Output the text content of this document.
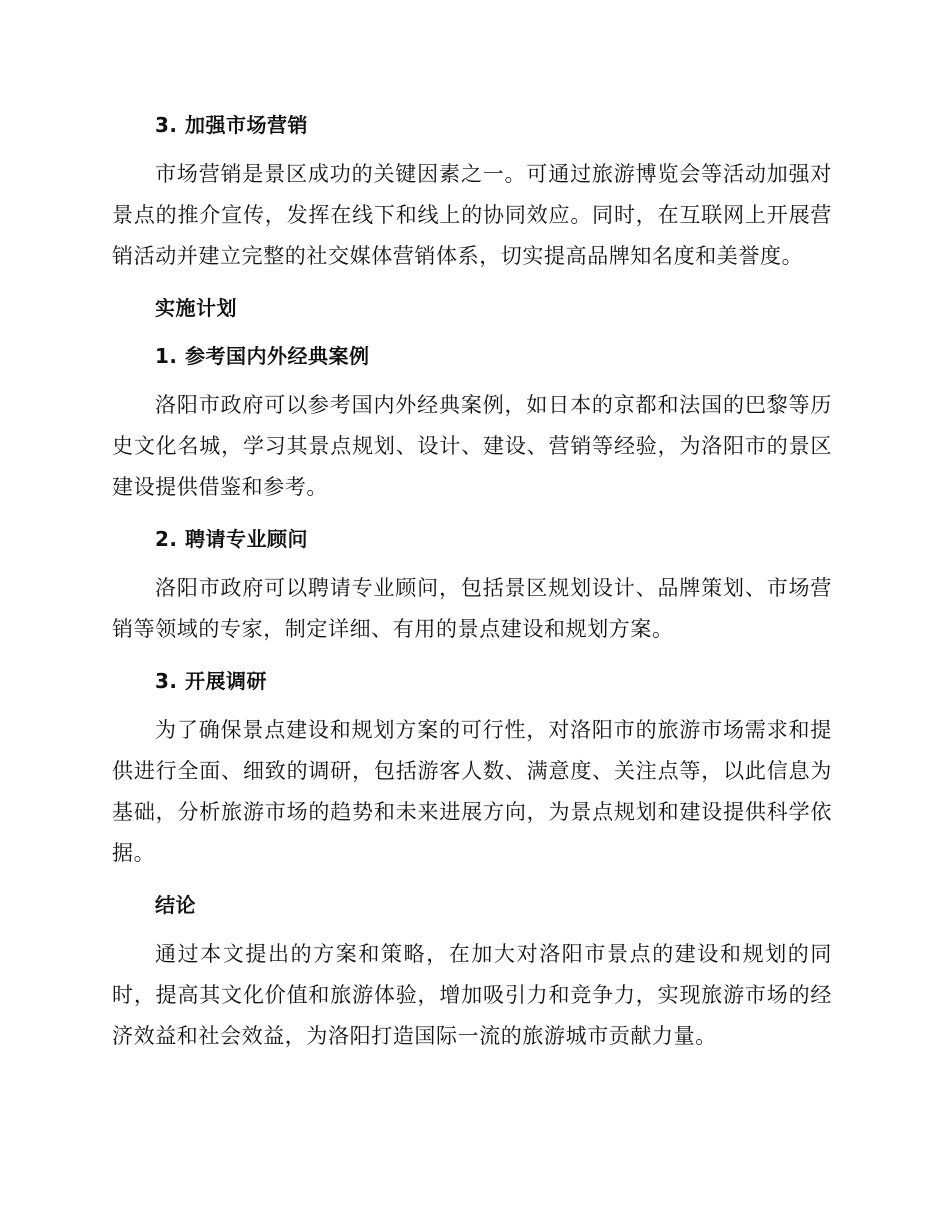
3. 加强市场营销
市场营销是景区成功的关键因素之一。可通过旅游博览会等活动加强对景点的推介宣传，发挥在线下和线上的协同效应。同时，在互联网上开展营销活动并建立完整的社交媒体营销体系，切实提高品牌知名度和美誉度。
实施计划
1. 参考国内外经典案例
洛阳市政府可以参考国内外经典案例，如日本的京都和法国的巴黎等历史文化名城，学习其景点规划、设计、建设、营销等经验，为洛阳市的景区建设提供借鉴和参考。
2. 聘请专业顾问
洛阳市政府可以聘请专业顾问，包括景区规划设计、品牌策划、市场营销等领域的专家，制定详细、有用的景点建设和规划方案。
3. 开展调研
为了确保景点建设和规划方案的可行性，对洛阳市的旅游市场需求和提供进行全面、细致的调研，包括游客人数、满意度、关注点等，以此信息为基础，分析旅游市场的趋势和未来进展方向，为景点规划和建设提供科学依据。
结论
通过本文提出的方案和策略，在加大对洛阳市景点的建设和规划的同时，提高其文化价值和旅游体验，增加吸引力和竞争力，实现旅游市场的经济效益和社会效益，为洛阳打造国际一流的旅游城市贡献力量。
